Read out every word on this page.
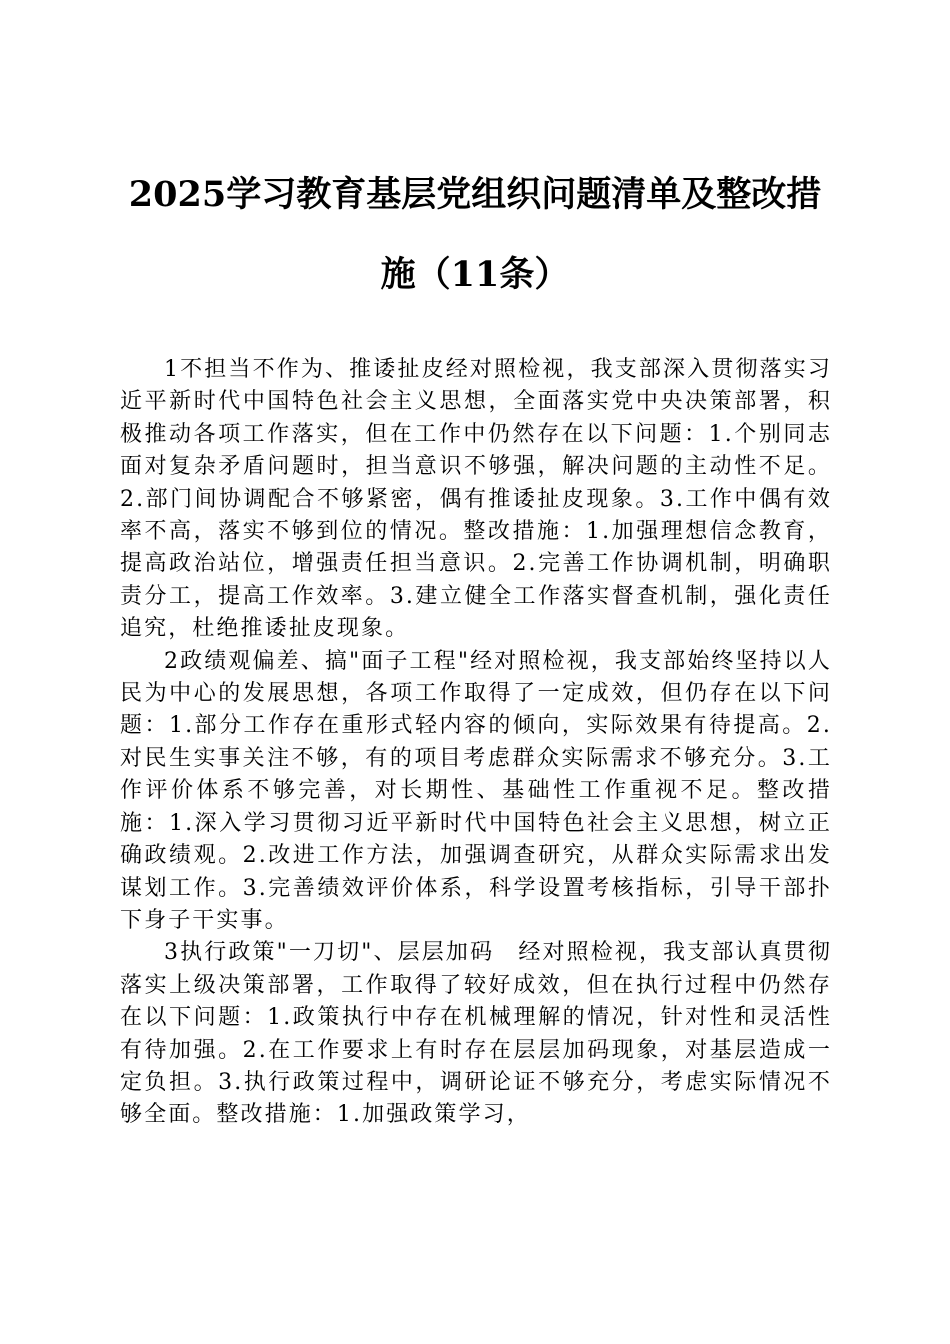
2025学习教育基层党组织问题清单及整改措
施（11条）

1不担当不作为、推诿扯皮经对照检视，我支部深入贯彻落实习近平新时代中国特色社会主义思想，全面落实党中央决策部署，积极推动各项工作落实，但在工作中仍然存在以下问题：1.个别同志面对复杂矛盾问题时，担当意识不够强，解决问题的主动性不足。2.部门间协调配合不够紧密，偶有推诿扯皮现象。3.工作中偶有效率不高，落实不够到位的情况。整改措施：1.加强理想信念教育，提高政治站位，增强责任担当意识。2.完善工作协调机制，明确职责分工，提高工作效率。3.建立健全工作落实督查机制，强化责任追究，杜绝推诿扯皮现象。

2政绩观偏差、搞"面子工程"经对照检视，我支部始终坚持以人民为中心的发展思想，各项工作取得了一定成效，但仍存在以下问题：1.部分工作存在重形式轻内容的倾向，实际效果有待提高。2.对民生实事关注不够，有的项目考虑群众实际需求不够充分。3.工作评价体系不够完善，对长期性、基础性工作重视不足。整改措施：1.深入学习贯彻习近平新时代中国特色社会主义思想，树立正确政绩观。2.改进工作方法，加强调查研究，从群众实际需求出发谋划工作。3.完善绩效评价体系，科学设置考核指标，引导干部扑下身子干实事。

3执行政策"一刀切"、层层加码　经对照检视，我支部认真贯彻落实上级决策部署，工作取得了较好成效，但在执行过程中仍然存在以下问题：1.政策执行中存在机械理解的情况，针对性和灵活性有待加强。2.在工作要求上有时存在层层加码现象，对基层造成一定负担。3.执行政策过程中，调研论证不够充分，考虑实际情况不够全面。整改措施：1.加强政策学习，
